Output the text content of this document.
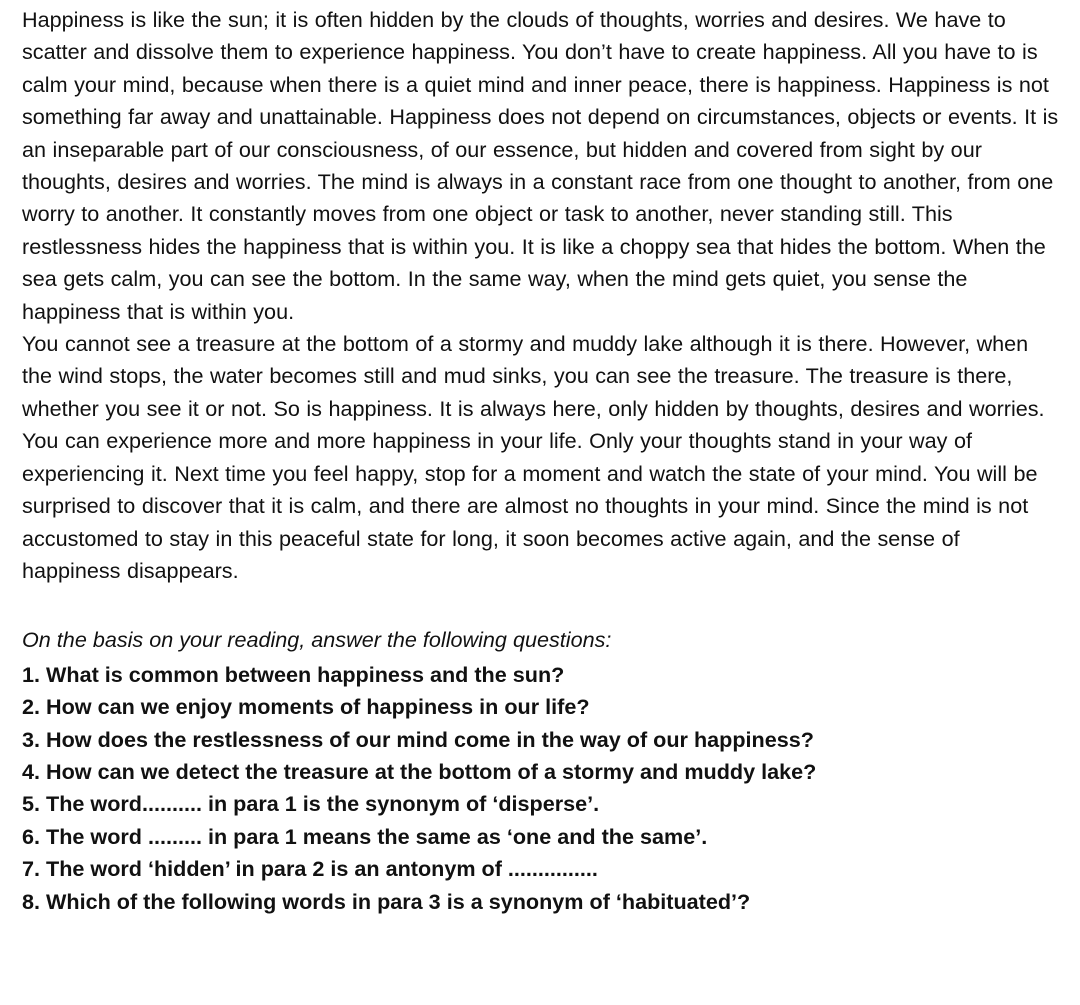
Happiness is like the sun; it is often hidden by the clouds of thoughts, worries and desires. We have to scatter and dissolve them to experience happiness. You don’t have to create happiness. All you have to is calm your mind, because when there is a quiet mind and inner peace, there is happiness. Happiness is not something far away and unattainable. Happiness does not depend on circumstances, objects or events. It is an inseparable part of our consciousness, of our essence, but hidden and covered from sight by our thoughts, desires and worries. The mind is always in a constant race from one thought to another, from one worry to another. It constantly moves from one object or task to another, never standing still. This restlessness hides the happiness that is within you. It is like a choppy sea that hides the bottom. When the sea gets calm, you can see the bottom. In the same way, when the mind gets quiet, you sense the happiness that is within you.

You cannot see a treasure at the bottom of a stormy and muddy lake although it is there. However, when the wind stops, the water becomes still and mud sinks, you can see the treasure. The treasure is there, whether you see it or not. So is happiness. It is always here, only hidden by thoughts, desires and worries.

You can experience more and more happiness in your life. Only your thoughts stand in your way of experiencing it. Next time you feel happy, stop for a moment and watch the state of your mind. You will be surprised to discover that it is calm, and there are almost no thoughts in your mind. Since the mind is not accustomed to stay in this peaceful state for long, it soon becomes active again, and the sense of happiness disappears.

On the basis on your reading, answer the following questions:

1. What is common between happiness and the sun?
2. How can we enjoy moments of happiness in our life?
3. How does the restlessness of our mind come in the way of our happiness?
4. How can we detect the treasure at the bottom of a stormy and muddy lake?
5. The word.......... in para 1 is the synonym of ‘disperse’.
6. The word ......... in para 1 means the same as ‘one and the same’.
7. The word ‘hidden’ in para 2 is an antonym of ...............
8. Which of the following words in para 3 is a synonym of ‘habituated’?
